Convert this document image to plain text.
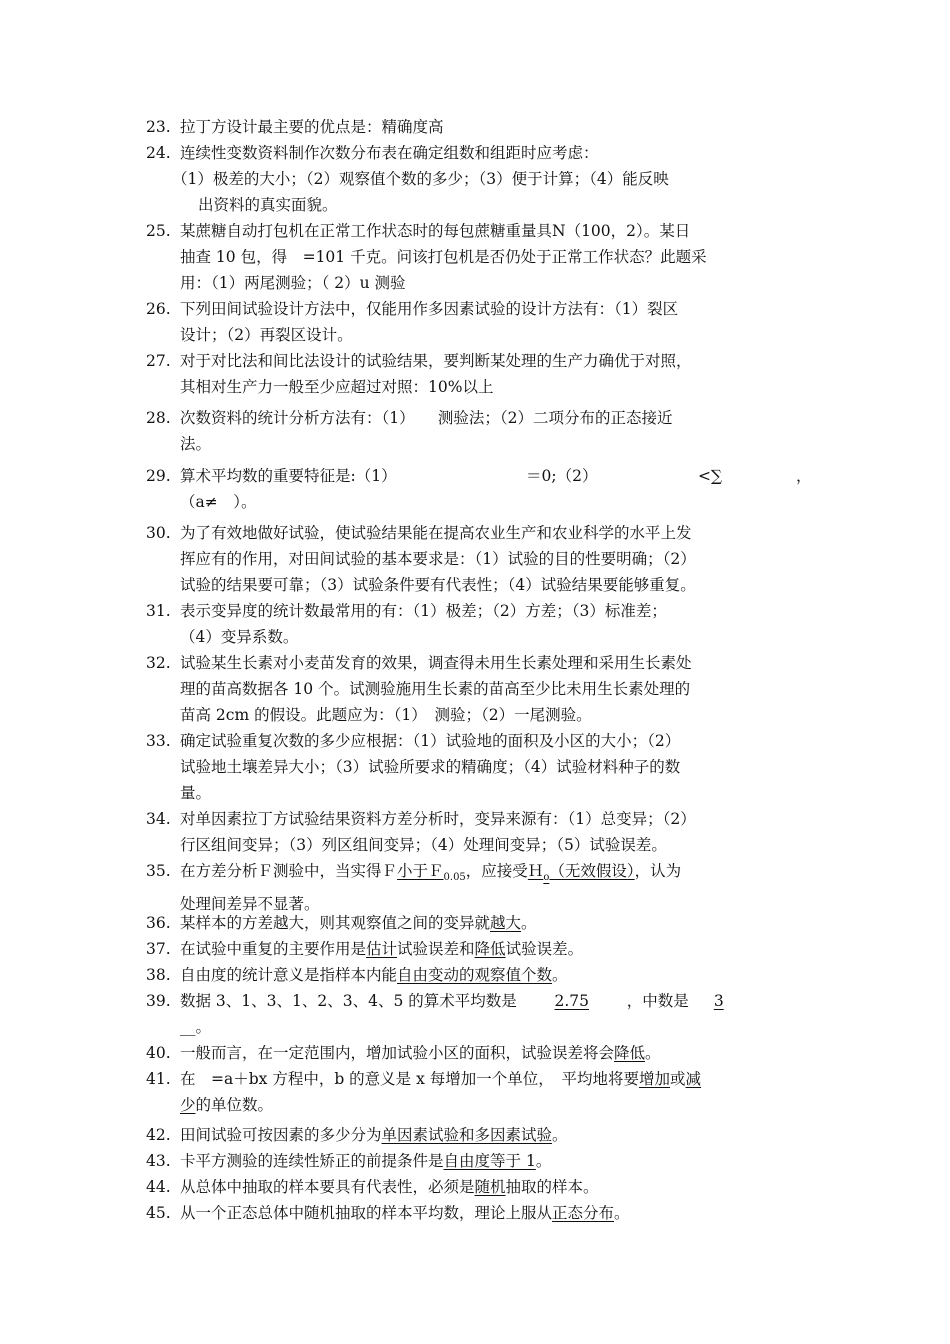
23. 拉丁方设计最主要的优点是：精确度高
24. 连续性变数资料制作次数分布表在确定组数和组距时应考虑：
（1）极差的大小；（2）观察值个数的多少；（3）便于计算；（4）能反映
出资料的真实面貌。
25. 某蔗糖自动打包机在正常工作状态时的每包蔗糖重量具N（100，2）。某日
抽查 10 包，得　=101 千克。问该打包机是否仍处于正常工作状态？此题采
用：（1）两尾测验；（ 2）u 测验
26. 下列田间试验设计方法中，仅能用作多因素试验的设计方法有：（1）裂区
设计；（2）再裂区设计。
27. 对于对比法和间比法设计的试验结果，要判断某处理的生产力确优于对照，
其相对生产力一般至少应超过对照：10%以上
28. 次数资料的统计分析方法有：（1）　　测验法；（2）二项分布的正态接近
法。
29. 算术平均数的重要特征是:（1）	＝0;（2）	<∑	，
（a≠　）。
30. 为了有效地做好试验，使试验结果能在提高农业生产和农业科学的水平上发
挥应有的作用，对田间试验的基本要求是：（1）试验的目的性要明确；（2）
试验的结果要可靠；（3）试验条件要有代表性；（4）试验结果要能够重复。
31. 表示变异度的统计数最常用的有：（1）极差；（2）方差；（3）标准差；
（4）变异系数。
32. 试验某生长素对小麦苗发育的效果，调查得未用生长素处理和采用生长素处
理的苗高数据各 10 个。试测验施用生长素的苗高至少比未用生长素处理的
苗高 2cm 的假设。此题应为：（1）　测验；（2）一尾测验。
33. 确定试验重复次数的多少应根据：（1）试验地的面积及小区的大小；（2）
试验地土壤差异大小；（3）试验所要求的精确度；（4）试验材料种子的数
量。
34. 对单因素拉丁方试验结果资料方差分析时，变异来源有：（1）总变异；（2）
行区组间变异；（3）列区组间变异；（4）处理间变异；（5）试验误差。
35. 在方差分析Ｆ测验中，当实得Ｆ小于Ｆ$_{0.05}$，应接受Ｈ$_o$（无效假设），认为
处理间差异不显著。
36. 某样本的方差越大，则其观察值之间的变异就越大。
37. 在试验中重复的主要作用是估计试验误差和降低试验误差。
38. 自由度的统计意义是指样本内能自由变动的观察值个数。
39. 数据 3、1、3、1、2、3、4、5 的算术平均数是 2.75 ，中数是 3
__。
40. 一般而言，在一定范围内，增加试验小区的面积，试验误差将会降低。
41. 在　=a＋bx 方程中，b 的意义是 x 每增加一个单位，　平均地将要增加或减
少的单位数。
42. 田间试验可按因素的多少分为单因素试验和多因素试验。
43. 卡平方测验的连续性矫正的前提条件是自由度等于 1。
44. 从总体中抽取的样本要具有代表性，必须是随机抽取的样本。
45. 从一个正态总体中随机抽取的样本平均数，理论上服从正态分布。
